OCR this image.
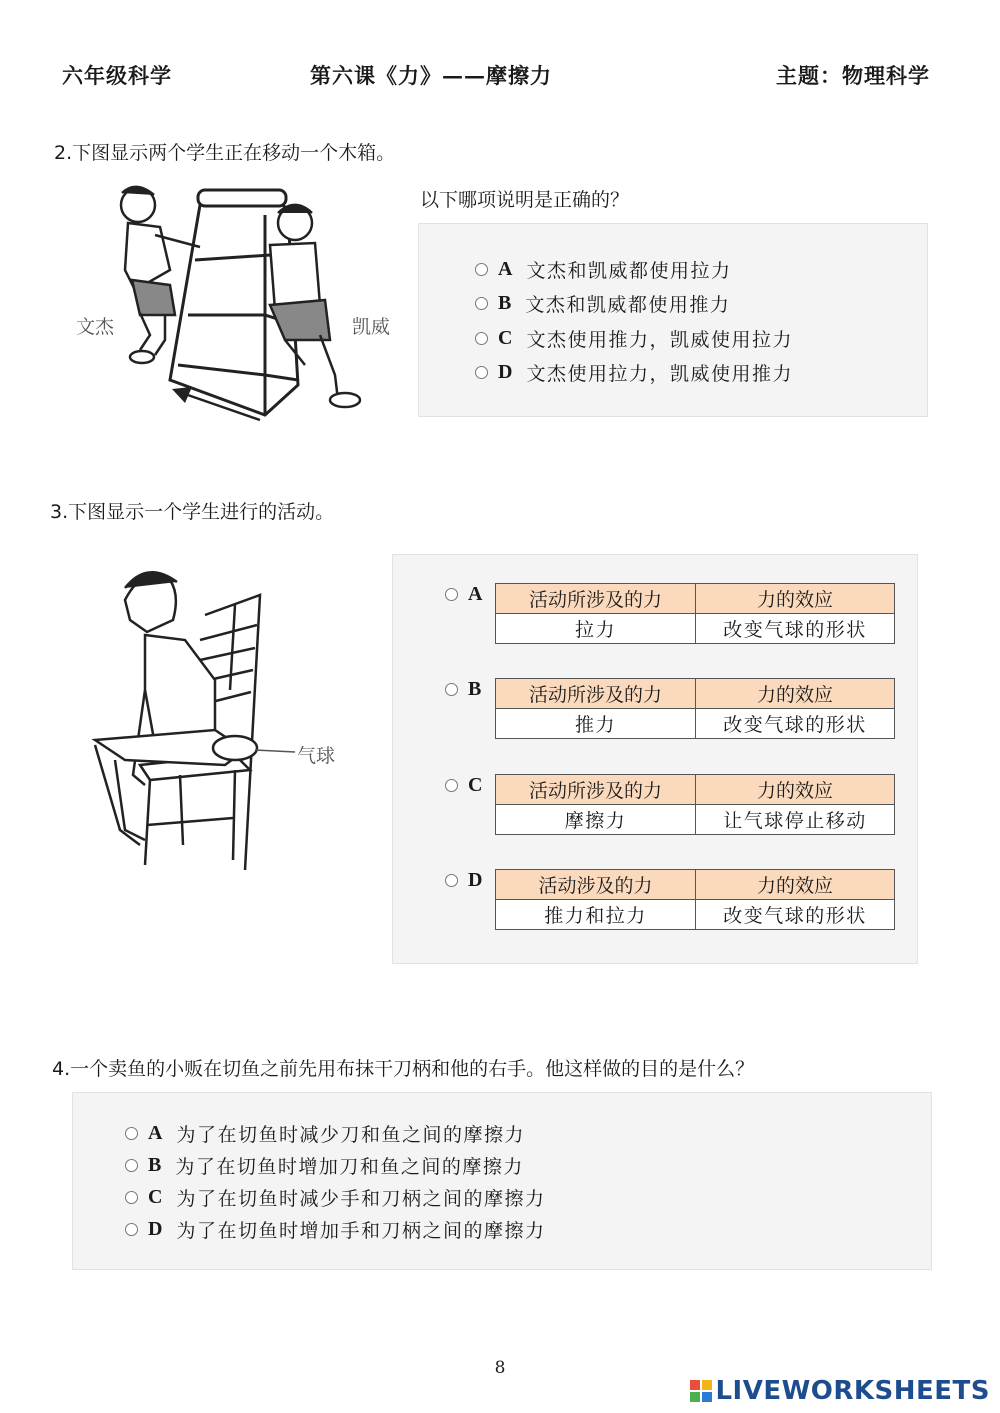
六年级科学	第六课《力》——摩擦力	主题：物理科学
2.下图显示两个学生正在移动一个木箱。
文杰	凯威
以下哪项说明是正确的？
A 文杰和凯威都使用拉力
B 文杰和凯威都使用推力
C 文杰使用推力，凯威使用拉力
D 文杰使用拉力，凯威使用推力
3.下图显示一个学生进行的活动。
气球
A 活动所涉及的力	力的效应
拉力	改变气球的形状
B	活动所涉及的力	力的效应
推力	改变气球的形状
C 活动所涉及的力	力的效应
摩擦力	让气球停止移动
D	活动涉及的力	力的效应
推力和拉力	改变气球的形状
4.一个卖鱼的小贩在切鱼之前先用布抹干刀柄和他的右手。他这样做的目的是什么？
A 为了在切鱼时减少刀和鱼之间的摩擦力
B 为了在切鱼时增加刀和鱼之间的摩擦力
C 为了在切鱼时减少手和刀柄之间的摩擦力
D 为了在切鱼时增加手和刀柄之间的摩擦力
8
LIVEWORKSHEETS
